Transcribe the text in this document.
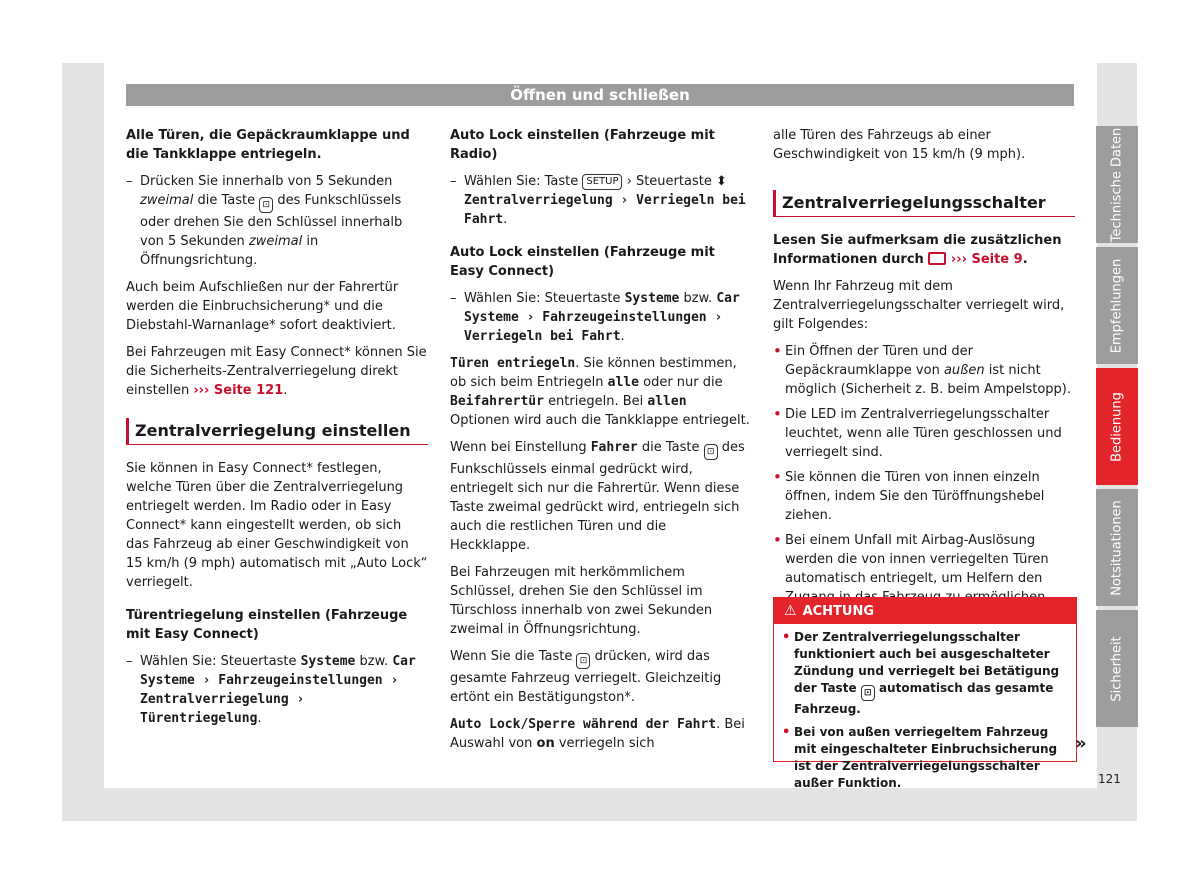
Öffnen und schließen

Alle Türen, die Gepäckraumklappe und die Tankklappe entriegeln.

– Drücken Sie innerhalb von 5 Sekunden zweimal die Taste ⊡ des Funkschlüssels oder drehen Sie den Schlüssel innerhalb von 5 Sekunden zweimal in Öffnungsrichtung.

Auch beim Aufschließen nur der Fahrertür werden die Einbruchsicherung* und die Diebstahl-Warnanlage* sofort deaktiviert.

Bei Fahrzeugen mit Easy Connect* können Sie die Sicherheits-Zentralverriegelung direkt einstellen ››› Seite 121.

Zentralverriegelung einstellen

Sie können in Easy Connect* festlegen, welche Türen über die Zentralverriegelung entriegelt werden. Im Radio oder in Easy Connect* kann eingestellt werden, ob sich das Fahrzeug ab einer Geschwindigkeit von 15 km/h (9 mph) automatisch mit „Auto Lock“ verriegelt.

Türentriegelung einstellen (Fahrzeuge mit Easy Connect)

– Wählen Sie: Steuertaste Systeme bzw. Car Systeme › Fahrzeugeinstellungen › Zentralverriegelung › Türentriegelung.

Auto Lock einstellen (Fahrzeuge mit Radio)

– Wählen Sie: Taste SETUP › Steuertaste ⬍ Zentralverriegelung › Verriegeln bei Fahrt.

Auto Lock einstellen (Fahrzeuge mit Easy Connect)

– Wählen Sie: Steuertaste Systeme bzw. Car Systeme › Fahrzeugeinstellungen › Verriegeln bei Fahrt.

Türen entriegeln. Sie können bestimmen, ob sich beim Entriegeln alle oder nur die Beifahrertür entriegeln. Bei allen Optionen wird auch die Tankklappe entriegelt.

Wenn bei Einstellung Fahrer die Taste ⊡ des Funkschlüssels einmal gedrückt wird, entriegelt sich nur die Fahrertür. Wenn diese Taste zweimal gedrückt wird, entriegeln sich auch die restlichen Türen und die Heckklappe.

Bei Fahrzeugen mit herkömmlichem Schlüssel, drehen Sie den Schlüssel im Türschloss innerhalb von zwei Sekunden zweimal in Öffnungsrichtung.

Wenn Sie die Taste ⊡ drücken, wird das gesamte Fahrzeug verriegelt. Gleichzeitig ertönt ein Bestätigungston*.

Auto Lock/Sperre während der Fahrt. Bei Auswahl von on verriegeln sich

alle Türen des Fahrzeugs ab einer Geschwindigkeit von 15 km/h (9 mph).

Zentralverriegelungsschalter

Lesen Sie aufmerksam die zusätzlichen Informationen durch ››› Seite 9.

Wenn Ihr Fahrzeug mit dem Zentralverriegelungsschalter verriegelt wird, gilt Folgendes:

• Ein Öffnen der Türen und der Gepäckraumklappe von außen ist nicht möglich (Sicherheit z. B. beim Ampelstopp).
• Die LED im Zentralverriegelungsschalter leuchtet, wenn alle Türen geschlossen und verriegelt sind.
• Sie können die Türen von innen einzeln öffnen, indem Sie den Türöffnungshebel ziehen.
• Bei einem Unfall mit Airbag-Auslösung werden die von innen verriegelten Türen automatisch entriegelt, um Helfern den
⚠ ACHTUNG
• Der Zentralverriegelungsschalter funktioniert auch bei ausgeschalteter Zündung und verriegelt bei Betätigung der Taste ⊡ automatisch das gesamte Fahrzeug.
• Bei von außen verriegeltem Fahrzeug mit eingeschalteter Einbruchsicherung ist der Zentralverriegelungsschalter außer Funktion.
»
Technische Daten
Empfehlungen
Bedienung
Notsituationen
Sicherheit
121
